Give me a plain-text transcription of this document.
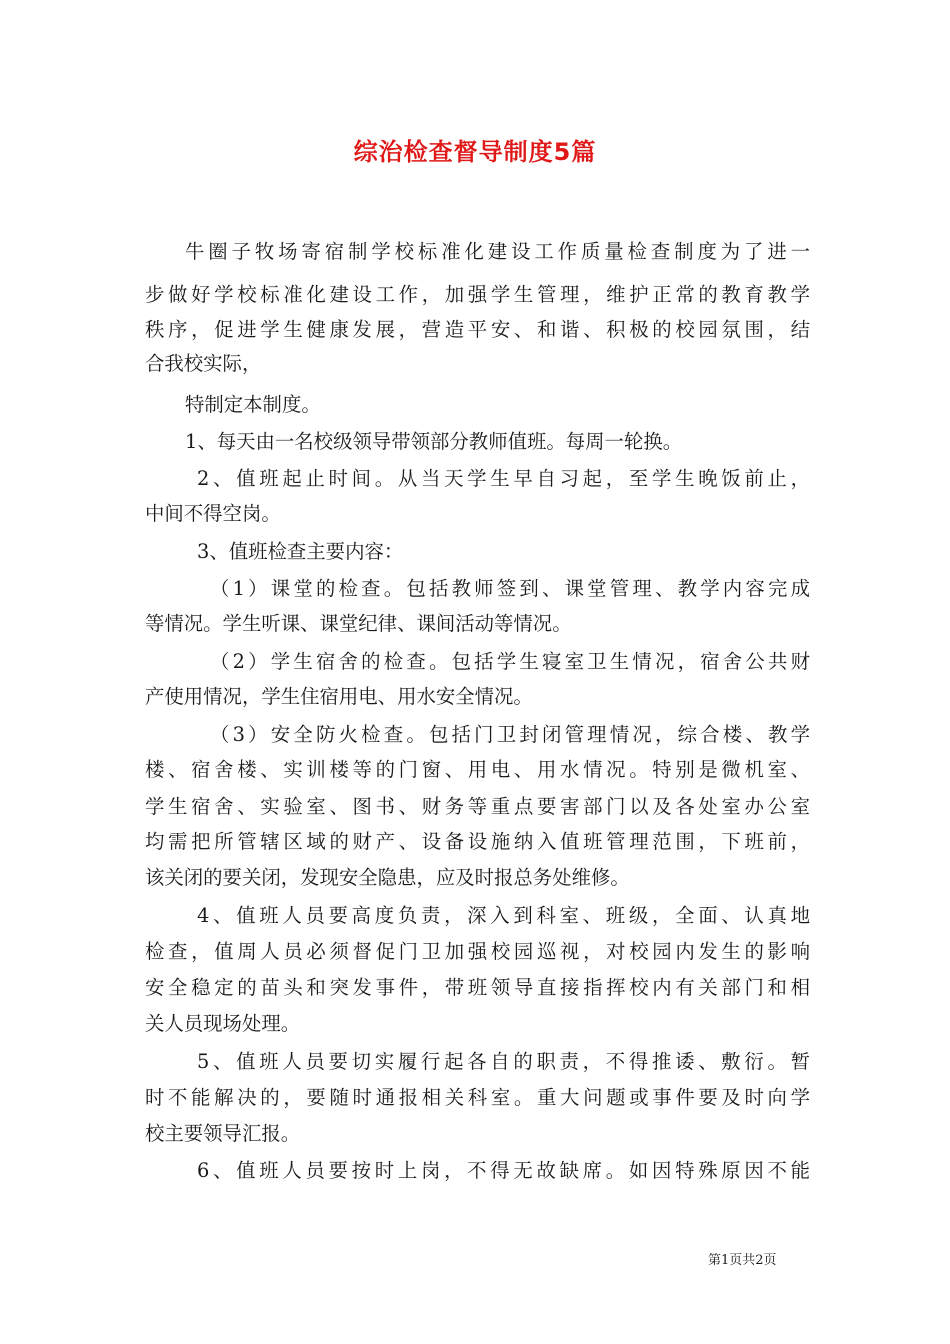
综治检查督导制度5篇
牛圈子牧场寄宿制学校标准化建设工作质量检查制度为了进一
步做好学校标准化建设工作，加强学生管理，维护正常的教育教学
秩序，促进学生健康发展，营造平安、和谐、积极的校园氛围，结
合我校实际，
特制定本制度。
1、每天由一名校级领导带领部分教师值班。每周一轮换。
2、值班起止时间。从当天学生早自习起，至学生晚饭前止，
中间不得空岗。
3、值班检查主要内容：
（1）课堂的检查。包括教师签到、课堂管理、教学内容完成
等情况。学生听课、课堂纪律、课间活动等情况。
（2）学生宿舍的检查。包括学生寝室卫生情况，宿舍公共财
产使用情况，学生住宿用电、用水安全情况。
（3）安全防火检查。包括门卫封闭管理情况，综合楼、教学
楼、宿舍楼、实训楼等的门窗、用电、用水情况。特别是微机室、
学生宿舍、实验室、图书、财务等重点要害部门以及各处室办公室
均需把所管辖区域的财产、设备设施纳入值班管理范围，下班前，
该关闭的要关闭，发现安全隐患，应及时报总务处维修。
4、值班人员要高度负责，深入到科室、班级，全面、认真地
检查，值周人员必须督促门卫加强校园巡视，对校园内发生的影响
安全稳定的苗头和突发事件，带班领导直接指挥校内有关部门和相
关人员现场处理。
5、值班人员要切实履行起各自的职责，不得推诿、敷衍。暂
时不能解决的，要随时通报相关科室。重大问题或事件要及时向学
校主要领导汇报。
6、值班人员要按时上岗，不得无故缺席。如因特殊原因不能
第1页共2页
